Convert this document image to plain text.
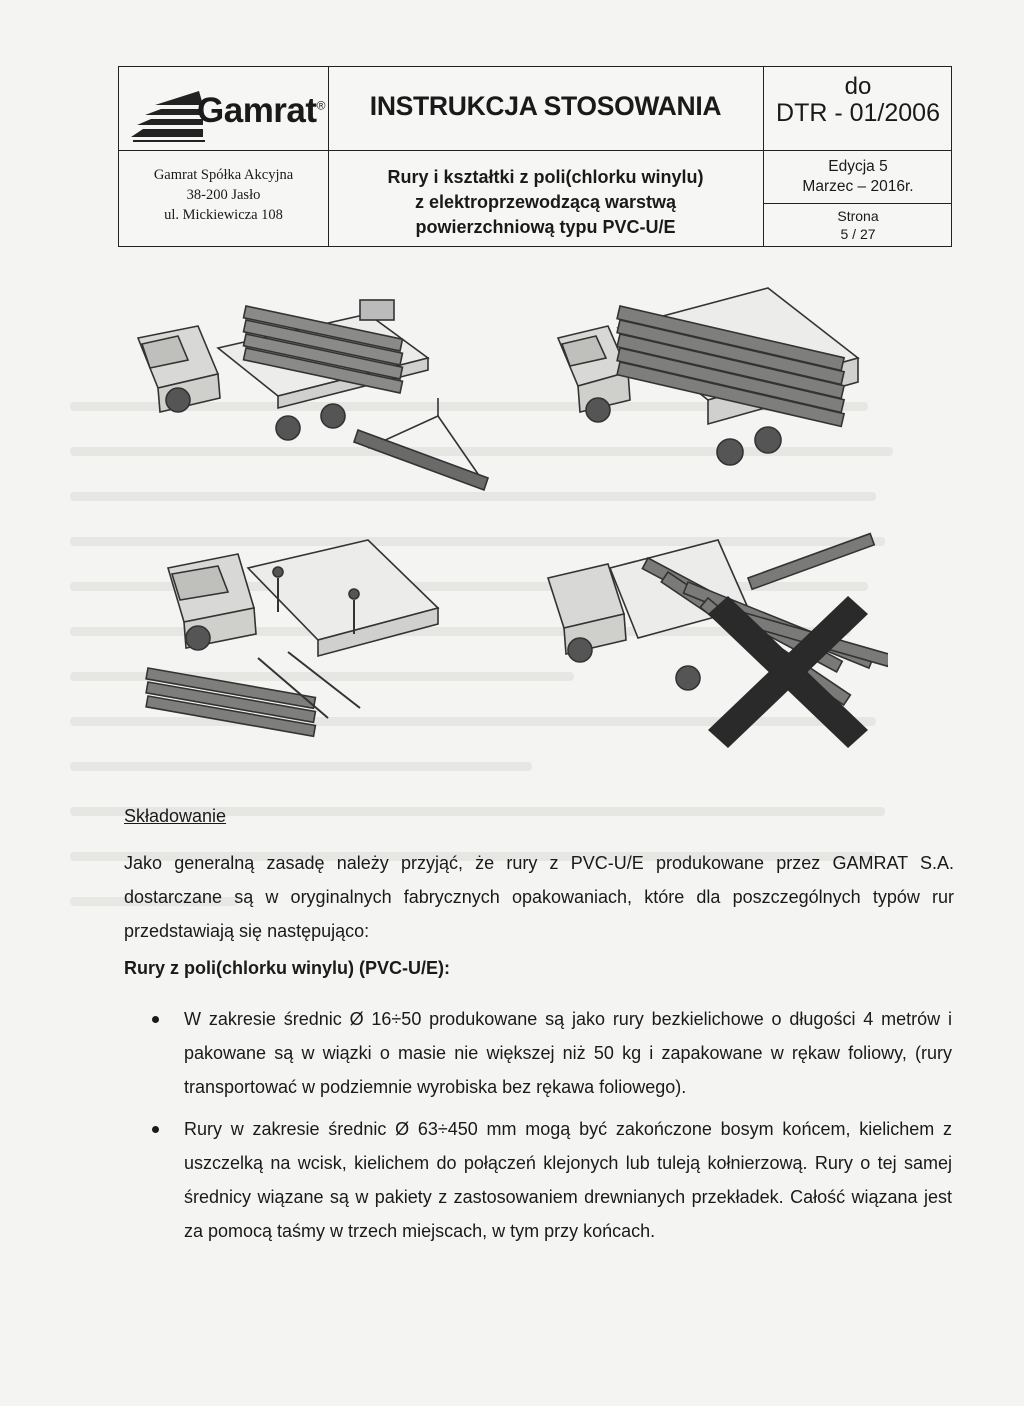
Gamrat®
Gamrat Spółka Akcyjna
38-200 Jasło
ul. Mickiewicza 108
INSTRUKCJA STOSOWANIA
Rury i kształtki z poli(chlorku winylu)
z elektroprzewodzącą warstwą
powierzchniową typu PVC-U/E
do
DTR - 01/2006
Edycja 5
Marzec – 2016r.
Strona
5 / 27
Składowanie
Jako generalną zasadę należy przyjąć, że rury z PVC-U/E produkowane przez GAMRAT S.A. dostarczane są w oryginalnych fabrycznych opakowaniach, które dla poszczególnych typów rur przedstawiają się następująco:
Rury z poli(chlorku winylu) (PVC-U/E):
W zakresie średnic Ø 16÷50 produkowane są jako rury bezkielichowe o długości 4 metrów i pakowane są w wiązki o masie nie większej niż 50 kg i zapakowane w rękaw foliowy, (rury transportować w podziemnie wyrobiska bez rękawa foliowego).
Rury w zakresie średnic Ø 63÷450 mm mogą być zakończone bosym końcem, kielichem z uszczelką na wcisk, kielichem do połączeń klejonych lub tuleją kołnierzową. Rury o tej samej średnicy wiązane są w pakiety z zastosowaniem drewnianych przekładek. Całość wiązana jest za pomocą taśmy w trzech miejscach, w tym przy końcach.
